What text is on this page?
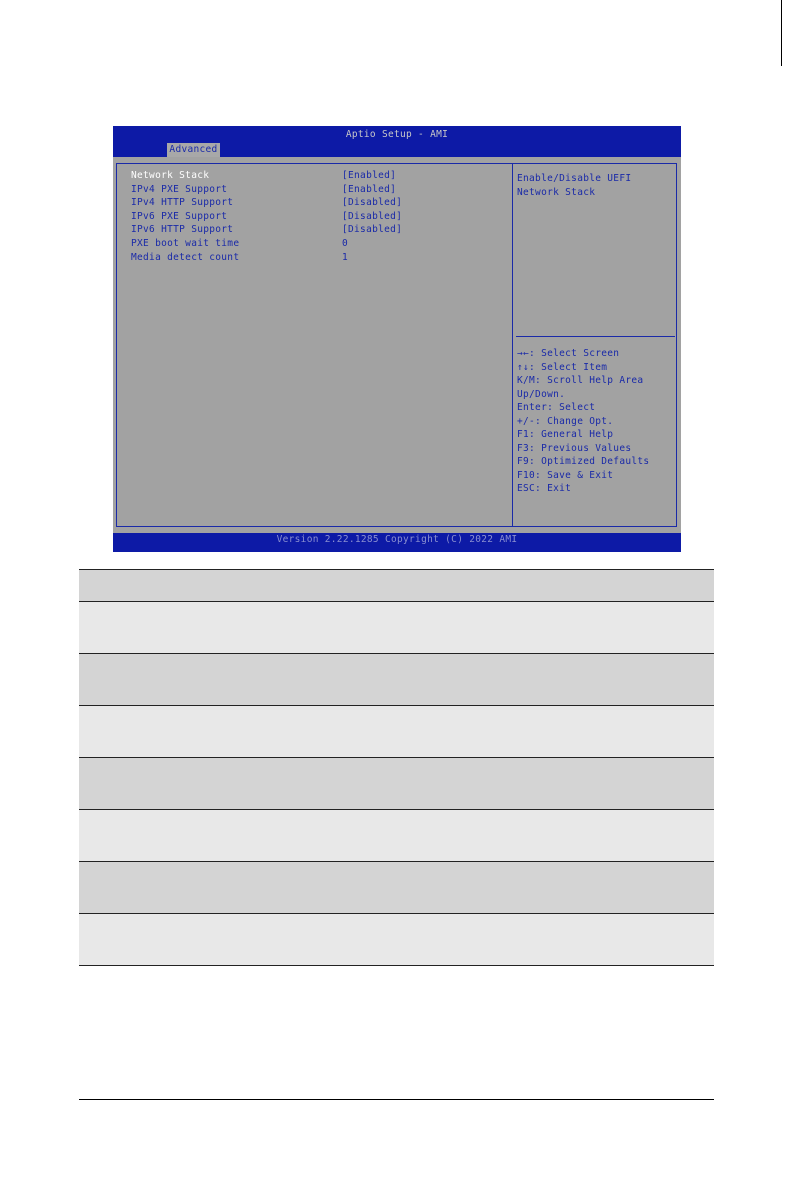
Aptio Setup - AMI
Advanced
Network Stack	[Enabled]
IPv4 PXE Support	[Enabled]
IPv4 HTTP Support	[Disabled]
IPv6 PXE Support	[Disabled]
IPv6 HTTP Support	[Disabled]
PXE boot wait time	0
Media detect count	1
Enable/Disable UEFI
Network Stack
→←: Select Screen
↑↓: Select Item
K/M: Scroll Help Area
Up/Down.
Enter: Select
+/-: Change Opt.
F1: General Help
F3: Previous Values
F9: Optimized Defaults
F10: Save & Exit
ESC: Exit
Version 2.22.1285 Copyright (C) 2022 AMI
